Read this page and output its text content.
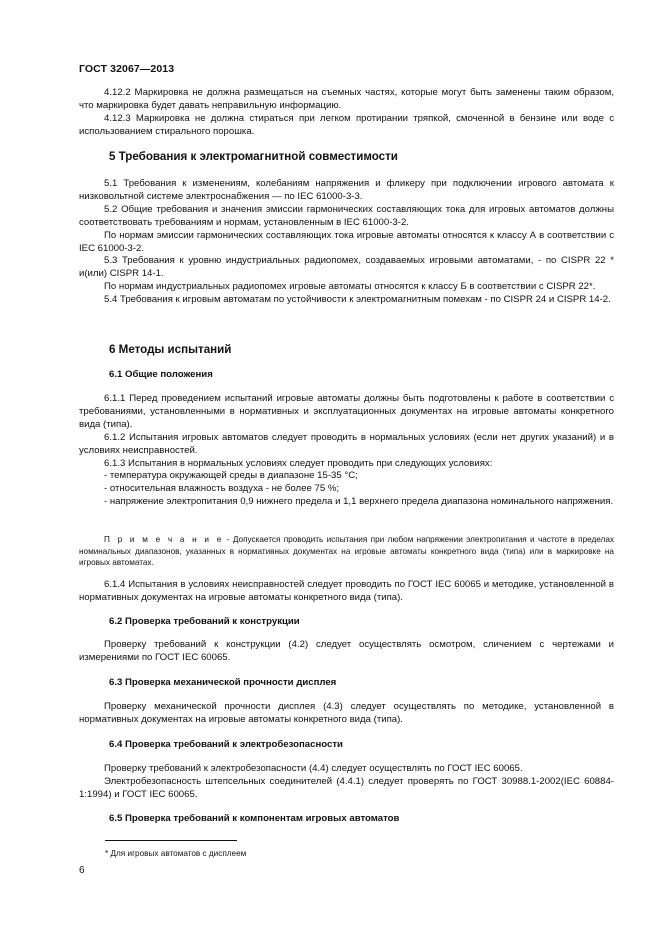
ГОСТ 32067—2013

4.12.2 Маркировка не должна размещаться на съемных частях, которые могут быть заменены таким образом, что маркировка будет давать неправильную информацию.

4.12.3 Маркировка не должна стираться при легком протирании тряпкой, смоченной в бензине или воде с использованием стирального порошка.

5 Требования к электромагнитной совместимости

5.1 Требования к изменениям, колебаниям напряжения и фликеру при подключении игрового автомата к низковольтной системе электроснабжения — по IEC 61000-3-3.

5.2 Общие требования и значения эмиссии гармонических составляющих тока для игровых автоматов должны соответствовать требованиям и нормам, установленным в IEC 61000-3-2.

По нормам эмиссии гармонических составляющих тока игровые автоматы относятся к классу А в соответствии с IEC 61000-3-2.

5.3 Требования к уровню индустриальных радиопомех, создаваемых игровыми автоматами, - по CISPR 22 * и(или) CISPR 14-1.

По нормам индустриальных радиопомех игровые автоматы относятся к классу Б в соответствии с CISPR 22*.

5.4 Требования к игровым автоматам по устойчивости к электромагнитным помехам - по CISPR 24 и CISPR 14-2.

6 Методы испытаний

6.1 Общие положения

6.1.1 Перед проведением испытаний игровые автоматы должны быть подготовлены к работе в соответствии с требованиями, установленными в нормативных и эксплуатационных документах на игровые автоматы конкретного вида (типа).

6.1.2 Испытания игровых автоматов следует проводить в нормальных условиях (если нет других указаний) и в условиях неисправностей.

6.1.3 Испытания в нормальных условиях следует проводить при следующих условиях:

- температура окружающей среды в диапазоне 15-35 °С;

- относительная влажность воздуха - не более 75 %;

- напряжение электропитания 0,9 нижнего предела и 1,1 верхнего предела диапазона номинального напряжения.

П р и м е ч а н и е - Допускается проводить испытания при любом напряжении электропитания и частоте в пределах номинальных диапазонов, указанных в нормативных документах на игровые автоматы конкретного вида (типа) или в маркировке на игровых автоматах.

6.1.4 Испытания в условиях неисправностей следует проводить по ГОСТ IEC 60065 и методике, установленной в нормативных документах на игровые автоматы конкретного вида (типа).

6.2 Проверка требований к конструкции

Проверку требований к конструкции (4.2) следует осуществлять осмотром, сличением с чертежами и измерениями по ГОСТ IEC 60065.

6.3 Проверка механической прочности дисплея

Проверку механической прочности дисплея (4.3) следует осуществлять по методике, установленной в нормативных документах на игровые автоматы конкретного вида (типа).

6.4 Проверка требований к электробезопасности

Проверку требований к электробезопасности (4.4) следует осуществлять по ГОСТ IEC 60065.

Электробезопасность штепсельных соединителей (4.4.1) следует проверять по ГОСТ 30988.1-2002(IEC 60884-1:1994) и ГОСТ IEC 60065.

6.5 Проверка требований к компонентам игровых автоматов

* Для игровых автоматов с дисплеем
6
